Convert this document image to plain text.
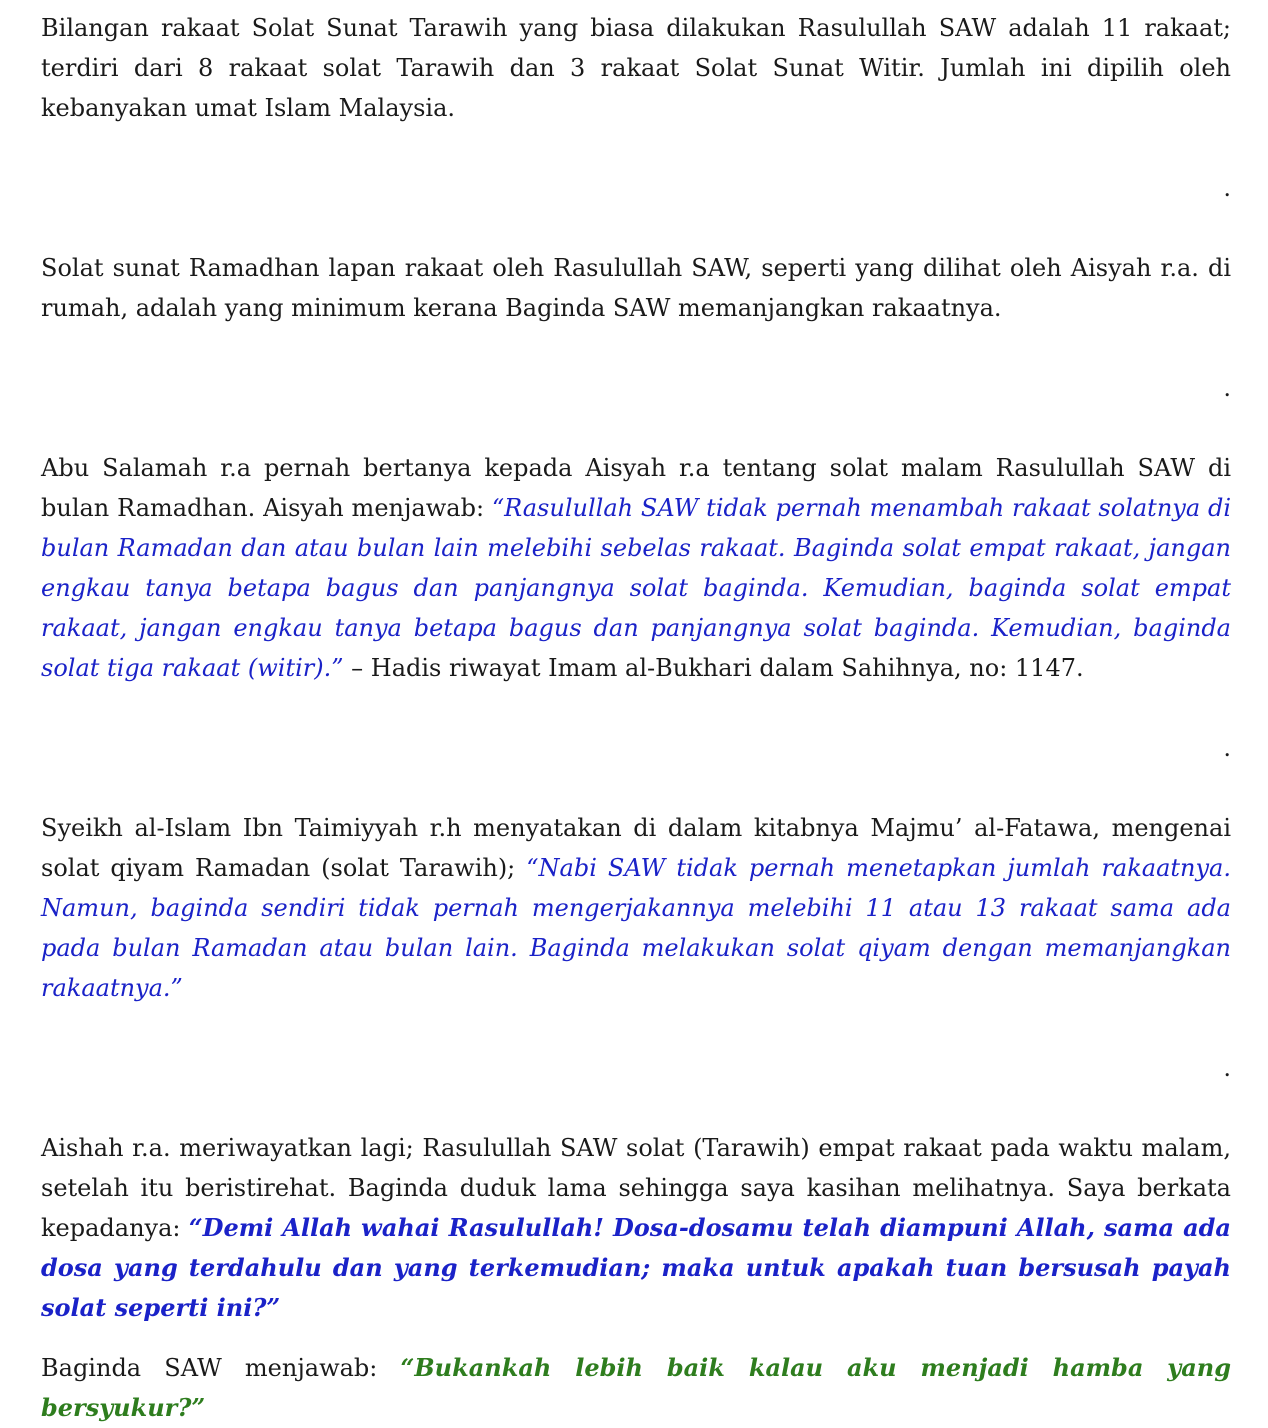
Bilangan rakaat Solat Sunat Tarawih yang biasa dilakukan Rasulullah SAW adalah 11 rakaat; terdiri dari 8 rakaat solat Tarawih dan 3 rakaat Solat Sunat Witir. Jumlah ini dipilih oleh kebanyakan umat Islam Malaysia.

.

Solat sunat Ramadhan lapan rakaat oleh Rasulullah SAW, seperti yang dilihat oleh Aisyah r.a. di rumah, adalah yang minimum kerana Baginda SAW memanjangkan rakaatnya.

.

Abu Salamah r.a pernah bertanya kepada Aisyah r.a tentang solat malam Rasulullah SAW di bulan Ramadhan. Aisyah menjawab: “Rasulullah SAW tidak pernah menambah rakaat solatnya di bulan Ramadan dan atau bulan lain melebihi sebelas rakaat. Baginda solat empat rakaat, jangan engkau tanya betapa bagus dan panjangnya solat baginda. Kemudian, baginda solat empat rakaat, jangan engkau tanya betapa bagus dan panjangnya solat baginda. Kemudian, baginda solat tiga rakaat (witir).” – Hadis riwayat Imam al-Bukhari dalam Sahihnya, no: 1147.

.

Syeikh al-Islam Ibn Taimiyyah r.h menyatakan di dalam kitabnya Majmu’ al-Fatawa, mengenai solat qiyam Ramadan (solat Tarawih); “Nabi SAW tidak pernah menetapkan jumlah rakaatnya. Namun, baginda sendiri tidak pernah mengerjakannya melebihi 11 atau 13 rakaat sama ada pada bulan Ramadan atau bulan lain. Baginda melakukan solat qiyam dengan memanjangkan rakaatnya.”

.

Aishah r.a. meriwayatkan lagi; Rasulullah SAW solat (Tarawih) empat rakaat pada waktu malam, setelah itu beristirehat. Baginda duduk lama sehingga saya kasihan melihatnya. Saya berkata kepadanya: “Demi Allah wahai Rasulullah! Dosa-dosamu telah diampuni Allah, sama ada dosa yang terdahulu dan yang terkemudian; maka untuk apakah tuan bersusah payah solat seperti ini?”

Baginda SAW menjawab: “Bukankah lebih baik kalau aku menjadi hamba yang bersyukur?”
